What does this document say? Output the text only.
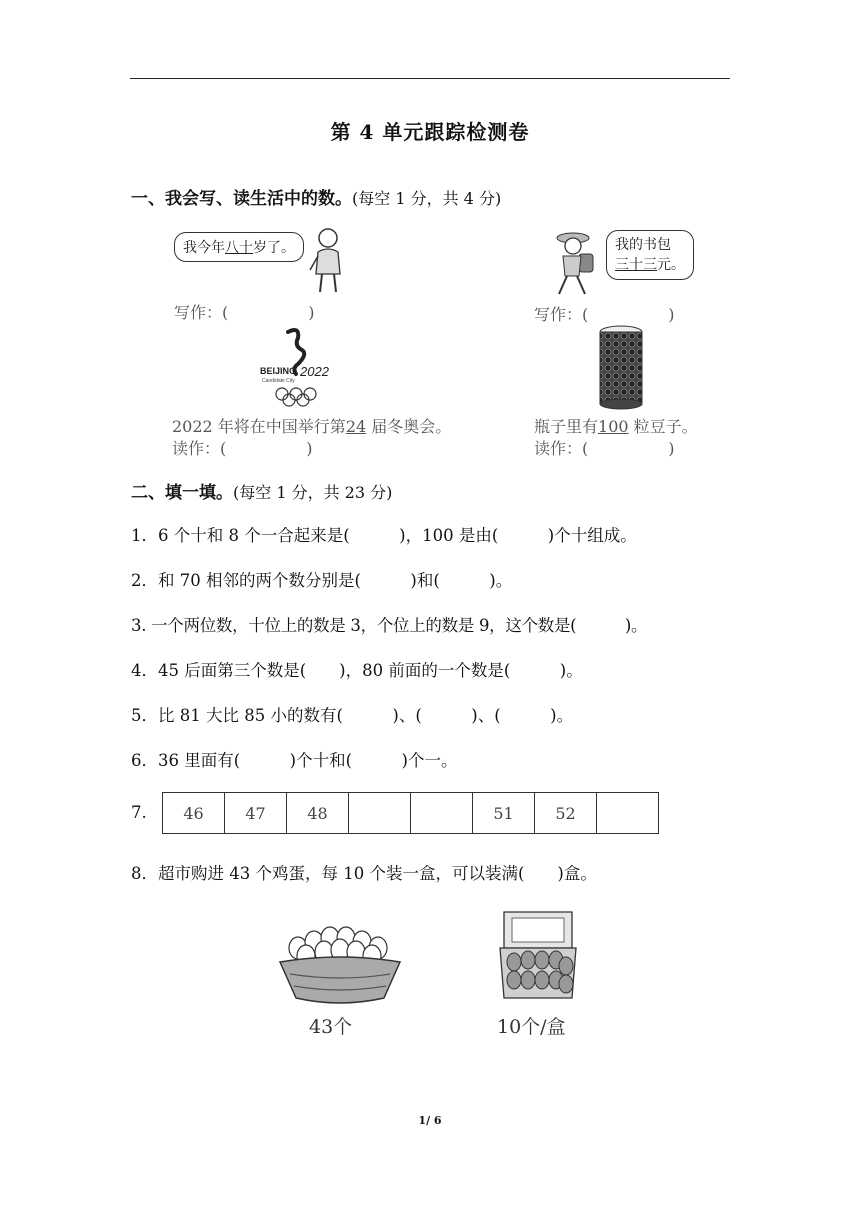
第 4 单元跟踪检测卷
一、我会写、读生活中的数。(每空 1 分，共 4 分)
我今年八十岁了。
写作：(　　　　　)
我的书包
三十三元。
写作：(　　　　　)
BEIJING 2022
Candidate City
2022 年将在中国举行第24 届冬奥会。
读作：(　　　　　)
瓶子里有100 粒豆子。
读作：(　　　　　)
二、填一填。(每空 1 分，共 23 分)
1．6 个十和 8 个一合起来是(　　　)，100 是由(　　　)个十组成。
2．和 70 相邻的两个数分别是(　　　)和(　　　)。
3. 一个两位数，十位上的数是 3，个位上的数是 9，这个数是(　　　)。
4．45 后面第三个数是(　　)，80 前面的一个数是(　　　)。
5．比 81 大比 85 小的数有(　　　)、(　　　)、(　　　)。
6．36 里面有(　　　)个十和(　　　)个一。
7. 46	47	48			51	52	
8．超市购进 43 个鸡蛋，每 10 个装一盒，可以装满(　　)盒。
43个	10个/盒
1/ 6
